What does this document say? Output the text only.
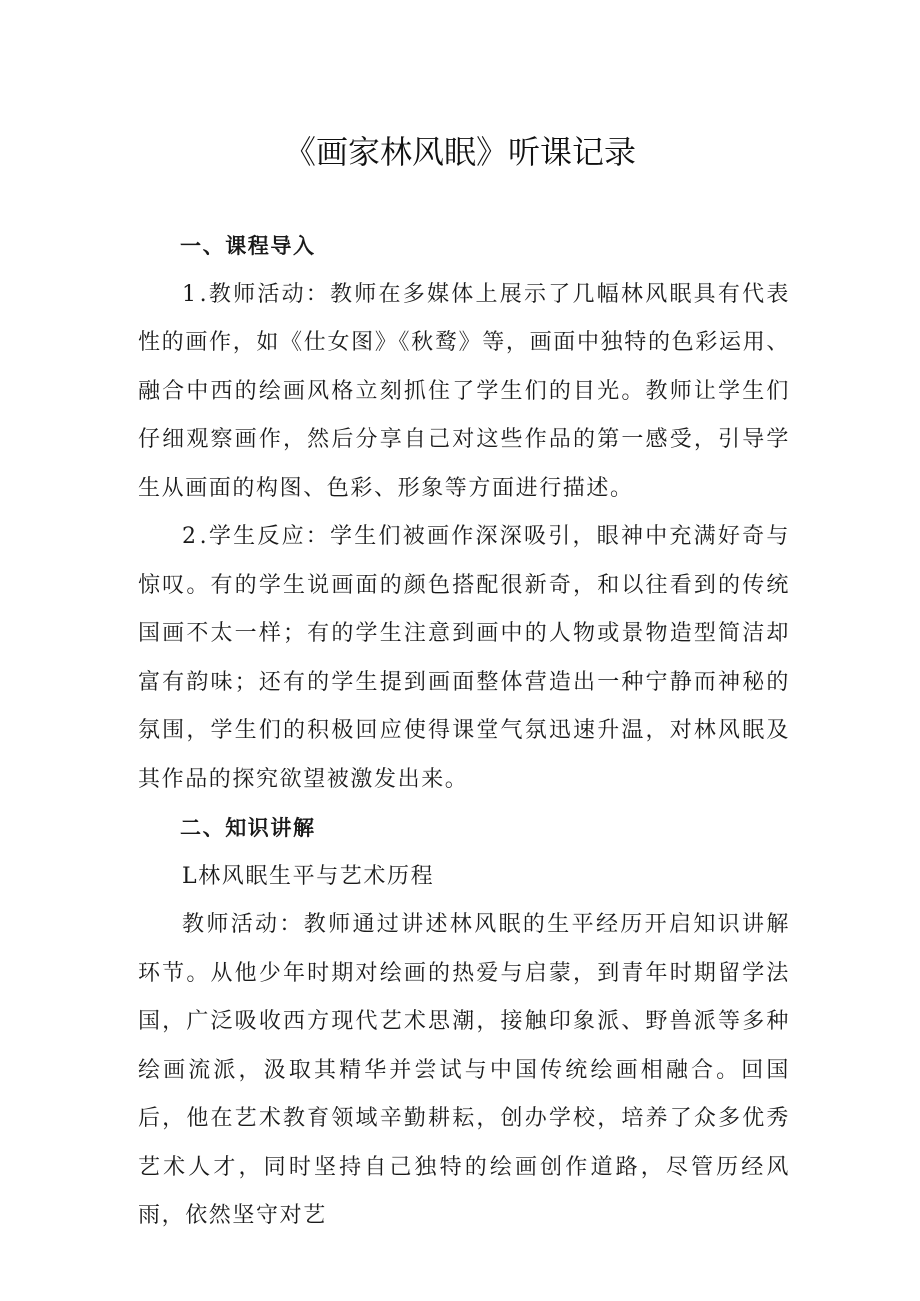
《画家林风眠》听课记录

一、课程导入

1.教师活动：教师在多媒体上展示了几幅林风眠具有代表性的画作，如《仕女图》《秋鹜》等，画面中独特的色彩运用、融合中西的绘画风格立刻抓住了学生们的目光。教师让学生们仔细观察画作，然后分享自己对这些作品的第一感受，引导学生从画面的构图、色彩、形象等方面进行描述。

2.学生反应：学生们被画作深深吸引，眼神中充满好奇与惊叹。有的学生说画面的颜色搭配很新奇，和以往看到的传统国画不太一样；有的学生注意到画中的人物或景物造型简洁却富有韵味；还有的学生提到画面整体营造出一种宁静而神秘的氛围，学生们的积极回应使得课堂气氛迅速升温，对林风眠及其作品的探究欲望被激发出来。

二、知识讲解

L林风眠生平与艺术历程

教师活动：教师通过讲述林风眠的生平经历开启知识讲解环节。从他少年时期对绘画的热爱与启蒙，到青年时期留学法国，广泛吸收西方现代艺术思潮，接触印象派、野兽派等多种绘画流派，汲取其精华并尝试与中国传统绘画相融合。回国后，他在艺术教育领域辛勤耕耘，创办学校，培养了众多优秀艺术人才，同时坚持自己独特的绘画创作道路，尽管历经风雨，依然坚守对艺
